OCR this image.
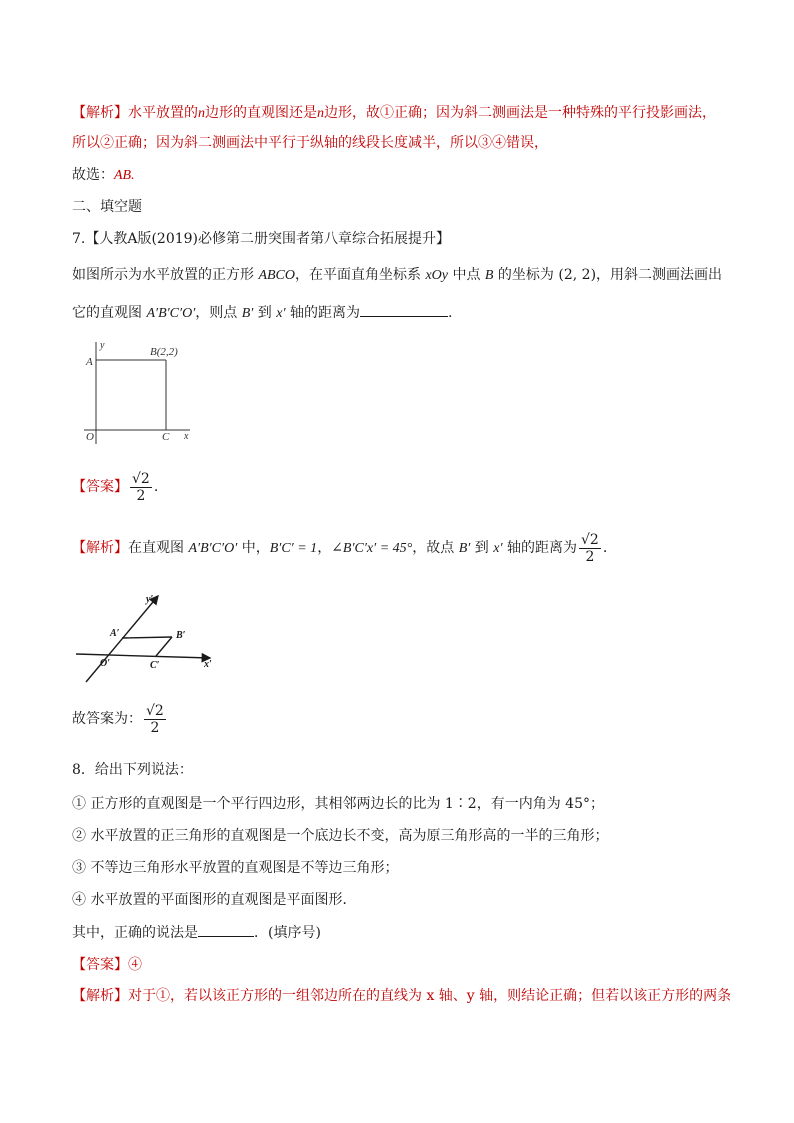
【解析】水平放置的n边形的直观图还是n边形，故①正确；因为斜二测画法是一种特殊的平行投影画法，
所以②正确；因为斜二测画法中平行于纵轴的线段长度减半，所以③④错误，
故选：AB.
二、填空题
7.【人教A版(2019)必修第二册突围者第八章综合拓展提升】
如图所示为水平放置的正方形 ABCO，在平面直角坐标系 xOy 中点 B 的坐标为 (2, 2)，用斜二测画法画出
它的直观图 A′B′C′O′，则点 B′ 到 x′ 轴的距离为	.
y
A
B(2,2)
O	C x
【答案】 $\frac{√2}{2}$ .
【解析】在直观图 A′B′C′O′ 中，B′C′ = 1，∠B′C′x′ = 45°，故点 B′ 到 x′ 轴的距离为 $\frac{√2}{2}$ .
y′
A′	B′
O′	C′	x′
故答案为： $\frac{√2}{2}$
8．给出下列说法：
① 正方形的直观图是一个平行四边形，其相邻两边长的比为 1∶2，有一内角为 45°；
② 水平放置的正三角形的直观图是一个底边长不变，高为原三角形高的一半的三角形；
③ 不等边三角形水平放置的直观图是不等边三角形；
④ 水平放置的平面图形的直观图是平面图形．
其中，正确的说法是	．(填序号)
【答案】④
【解析】对于①，若以该正方形的一组邻边所在的直线为 x 轴、y 轴，则结论正确；但若以该正方形的两条
